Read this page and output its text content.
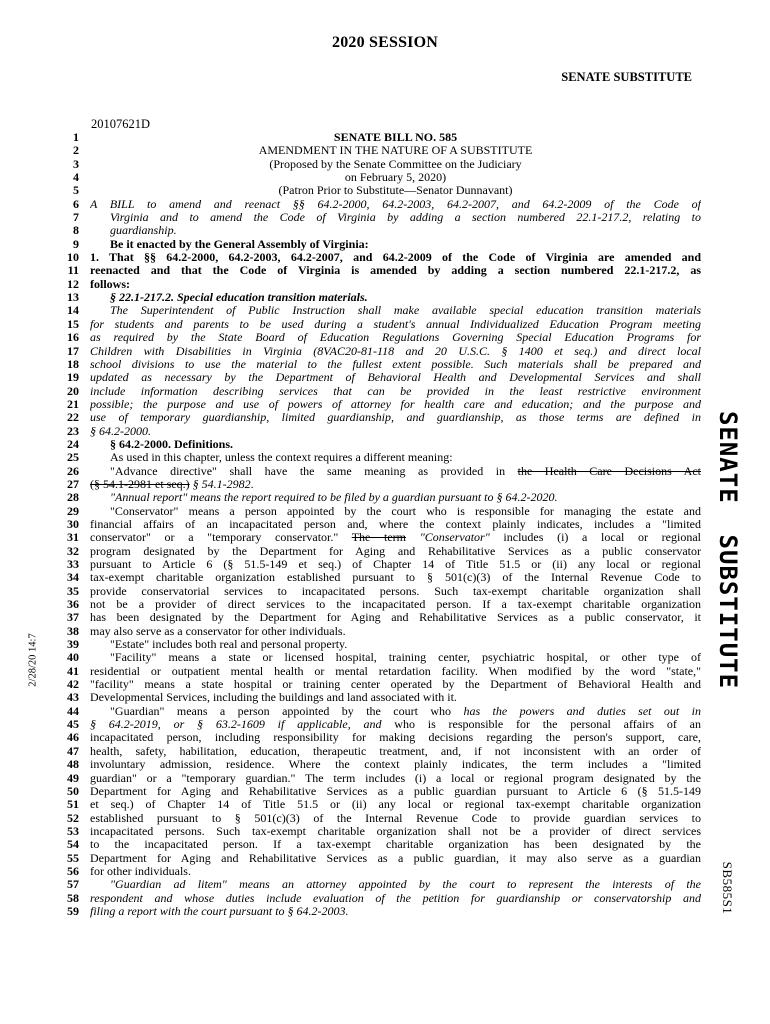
2020 SESSION
SENATE SUBSTITUTE
20107621D
2/28/20 14:7	SENATE  SUBSTITUTE
SB585S1
1	SENATE BILL NO. 585
2	AMENDMENT IN THE NATURE OF A SUBSTITUTE
3	(Proposed by the Senate Committee on the Judiciary
4	on February 5, 2020)
5	(Patron Prior to Substitute—Senator Dunnavant)
6 A BILL to amend and reenact §§ 64.2-2000, 64.2-2003, 64.2-2007, and 64.2-2009 of the Code of
7	Virginia and to amend the Code of Virginia by adding a section numbered 22.1-217.2, relating to
8	guardianship.
9	Be it enacted by the General Assembly of Virginia:
10 1. That §§ 64.2-2000, 64.2-2003, 64.2-2007, and 64.2-2009 of the Code of Virginia are amended and
11 reenacted and that the Code of Virginia is amended by adding a section numbered 22.1-217.2, as
12 follows:
13	§ 22.1-217.2. Special education transition materials.
14	The Superintendent of Public Instruction shall make available special education transition materials
15 for students and parents to be used during a student's annual Individualized Education Program meeting
16 as required by the State Board of Education Regulations Governing Special Education Programs for
17 Children with Disabilities in Virginia (8VAC20-81-118 and 20 U.S.C. § 1400 et seq.) and direct local
18 school divisions to use the material to the fullest extent possible. Such materials shall be prepared and
19 updated as necessary by the Department of Behavioral Health and Developmental Services and shall
20 include information describing services that can be provided in the least restrictive environment
21 possible; the purpose and use of powers of attorney for health care and education; and the purpose and
22 use of temporary guardianship, limited guardianship, and guardianship, as those terms are defined in
23 § 64.2-2000.
24	§ 64.2-2000. Definitions.
25	As used in this chapter, unless the context requires a different meaning:
26	"Advance directive" shall have the same meaning as provided in the Health Care Decisions Act
27 (§ 54.1-2981 et seq.) § 54.1-2982.
28	"Annual report" means the report required to be filed by a guardian pursuant to § 64.2-2020.
29	"Conservator" means a person appointed by the court who is responsible for managing the estate and
30 financial affairs of an incapacitated person and, where the context plainly indicates, includes a "limited
31 conservator" or a "temporary conservator." The term "Conservator" includes (i) a local or regional
32 program designated by the Department for Aging and Rehabilitative Services as a public conservator
33 pursuant to Article 6 (§ 51.5-149 et seq.) of Chapter 14 of Title 51.5 or (ii) any local or regional
34 tax-exempt charitable organization established pursuant to § 501(c)(3) of the Internal Revenue Code to
35 provide conservatorial services to incapacitated persons. Such tax-exempt charitable organization shall
36 not be a provider of direct services to the incapacitated person. If a tax-exempt charitable organization
37 has been designated by the Department for Aging and Rehabilitative Services as a public conservator, it
38 may also serve as a conservator for other individuals.
39	"Estate" includes both real and personal property.
40	"Facility" means a state or licensed hospital, training center, psychiatric hospital, or other type of
41 residential or outpatient mental health or mental retardation facility. When modified by the word "state,"
42 "facility" means a state hospital or training center operated by the Department of Behavioral Health and
43 Developmental Services, including the buildings and land associated with it.
44	"Guardian" means a person appointed by the court who has the powers and duties set out in
45 § 64.2-2019, or § 63.2-1609 if applicable, and who is responsible for the personal affairs of an
46 incapacitated person, including responsibility for making decisions regarding the person's support, care,
47 health, safety, habilitation, education, therapeutic treatment, and, if not inconsistent with an order of
48 involuntary admission, residence. Where the context plainly indicates, the term includes a "limited
49 guardian" or a "temporary guardian." The term includes (i) a local or regional program designated by the
50 Department for Aging and Rehabilitative Services as a public guardian pursuant to Article 6 (§ 51.5-149
51 et seq.) of Chapter 14 of Title 51.5 or (ii) any local or regional tax-exempt charitable organization
52 established pursuant to § 501(c)(3) of the Internal Revenue Code to provide guardian services to
53 incapacitated persons. Such tax-exempt charitable organization shall not be a provider of direct services
54 to the incapacitated person. If a tax-exempt charitable organization has been designated by the
55 Department for Aging and Rehabilitative Services as a public guardian, it may also serve as a guardian
56 for other individuals.
57	"Guardian ad litem" means an attorney appointed by the court to represent the interests of the
58 respondent and whose duties include evaluation of the petition for guardianship or conservatorship and
59 filing a report with the court pursuant to § 64.2-2003.
